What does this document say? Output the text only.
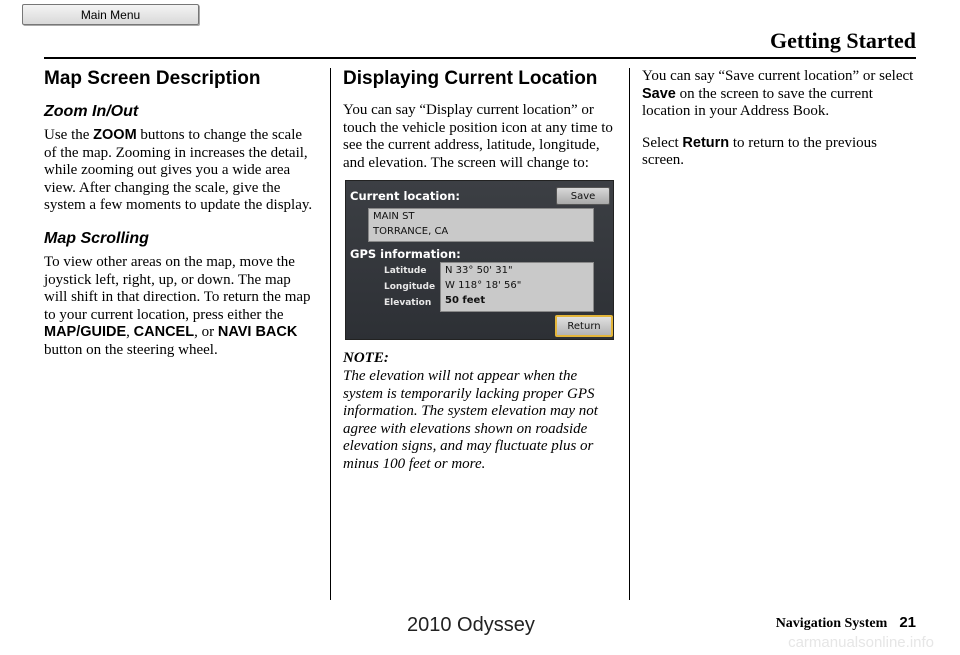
Main Menu
Getting Started
Map Screen Description
Zoom In/Out

Use the ZOOM buttons to change the scale of the map. Zooming in increases the detail, while zooming out gives you a wide area view. After changing the scale, give the system a few moments to update the display.

Map Scrolling

To view other areas on the map, move the joystick left, right, up, or down. The map will shift in that direction. To return the map to your current location, press either the MAP/GUIDE, CANCEL, or NAVI BACK button on the steering wheel.

Displaying Current Location

You can say “Display current location” or touch the vehicle position icon at any time to see the current address, latitude, longitude, and elevation. The screen will change to:

Current location:	Save
MAIN ST
TORRANCE, CA
GPS information:
Latitude
Longitude
Elevation
N 33° 50' 31"
W 118° 18' 56"
50 feet
Return
NOTE:

The elevation will not appear when the system is temporarily lacking proper GPS information. The system elevation may not agree with elevations shown on roadside elevation signs, and may fluctuate plus or minus 100 feet or more.

You can say “Save current location” or select Save on the screen to save the current location in your Address Book.

Select Return to return to the previous screen.

2010 Odyssey	Navigation System 21
carmanualsonline.info
